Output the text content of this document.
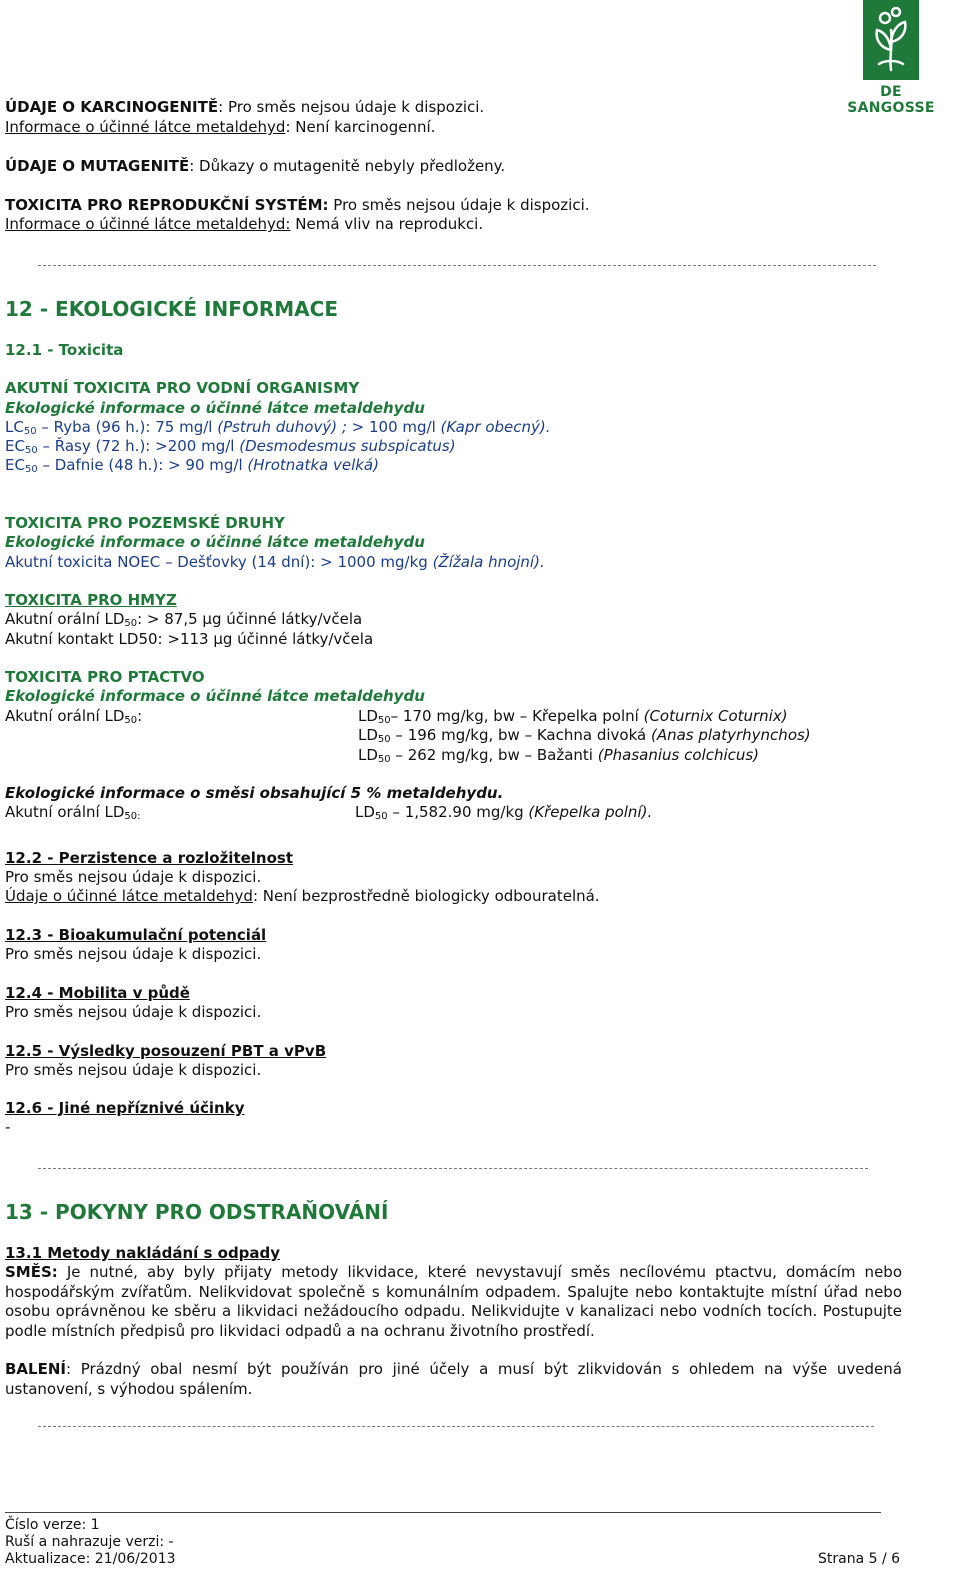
DE SANGOSSE
ÚDAJE O KARCINOGENITĚ: Pro směs nejsou údaje k dispozici.
Informace o účinné látce metaldehyd: Není karcinogenní.
ÚDAJE O MUTAGENITĚ: Důkazy o mutagenitě nebyly předloženy.
TOXICITA PRO REPRODUKČNÍ SYSTÉM: Pro směs nejsou údaje k dispozici.
Informace o účinné látce metaldehyd: Nemá vliv na reprodukci.
12 - EKOLOGICKÉ INFORMACE
12.1 - Toxicita
AKUTNÍ TOXICITA PRO VODNÍ ORGANISMY
Ekologické informace o účinné látce metaldehydu
$LC_{50}$ – Ryba (96 h.): 75 mg/l (Pstruh duhový) ; > 100 mg/l (Kapr obecný).
$EC_{50}$ – Řasy (72 h.): >200 mg/l (Desmodesmus subspicatus)
$EC_{50}$ – Dafnie (48 h.): > 90 mg/l (Hrotnatka velká)
TOXICITA PRO POZEMSKÉ DRUHY
Ekologické informace o účinné látce metaldehydu
Akutní toxicita NOEC – Dešťovky (14 dní): > 1000 mg/kg (Žížala hnojní).
TOXICITA PRO HMYZ
Akutní orální $LD_{50}$: > 87,5 µg účinné látky/včela
Akutní kontakt LD50: >113 µg účinné látky/včela
TOXICITA PRO PTACTVO
Ekologické informace o účinné látce metaldehydu
Akutní orální $LD_{50}$:	$LD_{50}-$ 170 mg/kg, bw – Křepelka polní (Coturnix Coturnix)
$LD_{50} - 196$ mg/kg, bw – Kachna divoká (Anas platyrhynchos)
$LD_{50} - 262$ mg/kg, bw – Bažanti (Phasanius colchicus)
Ekologické informace o směsi obsahující 5 % metaldehydu.
Akutní orální $LD_{50:}$	$LD_{50} - 1,582.90$ mg/kg (Křepelka polní).
12.2 - Perzistence a rozložitelnost
Pro směs nejsou údaje k dispozici.
Údaje o účinné látce metaldehyd: Není bezprostředně biologicky odbouratelná.
12.3 - Bioakumulační potenciál
Pro směs nejsou údaje k dispozici.
12.4 - Mobilita v půdě
Pro směs nejsou údaje k dispozici.
12.5 - Výsledky posouzení PBT a vPvB
Pro směs nejsou údaje k dispozici.
12.6 - Jiné nepříznivé účinky
-
13 - POKYNY PRO ODSTRAŇOVÁNÍ
13.1 Metody nakládání s odpady
SMĚS: Je nutné, aby byly přijaty metody likvidace, které nevystavují směs necílovému ptactvu, domácím nebo hospodářským zvířatům. Nelikvidovat společně s komunálním odpadem. Spalujte nebo kontaktujte místní úřad nebo osobu oprávněnou ke sběru a likvidaci nežádoucího odpadu. Nelikvidujte v kanalizaci nebo vodních tocích. Postupujte podle místních předpisů pro likvidaci odpadů a na ochranu životního prostředí.
BALENÍ: Prázdný obal nesmí být používán pro jiné účely a musí být zlikvidován s ohledem na výše uvedená ustanovení, s výhodou spálením.
Číslo verze: 1
Ruší a nahrazuje verzi: -
Aktualizace: 21/06/2013	Strana 5 / 6
